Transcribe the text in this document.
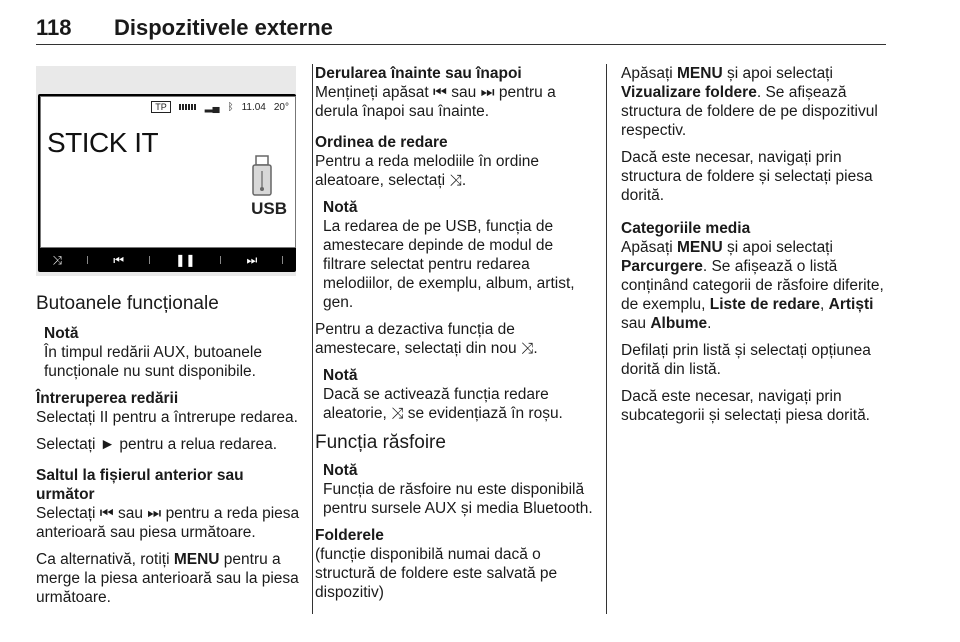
118 Dispozitivele externe
TP	▂▄ ᛒ 11.04 20°
STICK IT
USB
⤨	⏮	❚❚	⏭
Butoanele funcționale
Notă
În timpul redării AUX, butoanele funcționale nu sunt disponibile.
Întreruperea redării

Selectați II pentru a întrerupe redarea.

Selectați ► pentru a relua redarea.

Saltul la fișierul anterior sau următor

Selectați ⏮ sau ⏭ pentru a reda piesa anterioară sau piesa următoare.

Ca alternativă, rotiți MENU pentru a merge la piesa anterioară sau la piesa următoare.

Derularea înainte sau înapoi

Mențineți apăsat ⏮ sau ⏭ pentru a derula înapoi sau înainte.

Ordinea de redare

Pentru a reda melodiile în ordine aleatoare, selectați ⤨.

Notă
La redarea de pe USB, funcția de amestecare depinde de modul de filtrare selectat pentru redarea melodiilor, de exemplu, album, artist, gen.

Pentru a dezactiva funcția de amestecare, selectați din nou ⤨.

Notă
Dacă se activează funcția redare aleatorie, ⤨ se evidențiază în roșu.
Funcția răsfoire
Notă
Funcția de răsfoire nu este disponibilă pentru sursele AUX și media Bluetooth.
Folderele

(funcție disponibilă numai dacă o structură de foldere este salvată pe dispozitiv)

Apăsați MENU și apoi selectați Vizualizare foldere. Se afișează structura de foldere de pe dispozitivul respectiv.

Dacă este necesar, navigați prin structura de foldere și selectați piesa dorită.

Categoriile media

Apăsați MENU și apoi selectați Parcurgere. Se afișează o listă conținând categorii de răsfoire diferite, de exemplu, Liste de redare, Artiști sau Albume.

Defilați prin listă și selectați opțiunea dorită din listă.

Dacă este necesar, navigați prin subcategorii și selectați piesa dorită.
